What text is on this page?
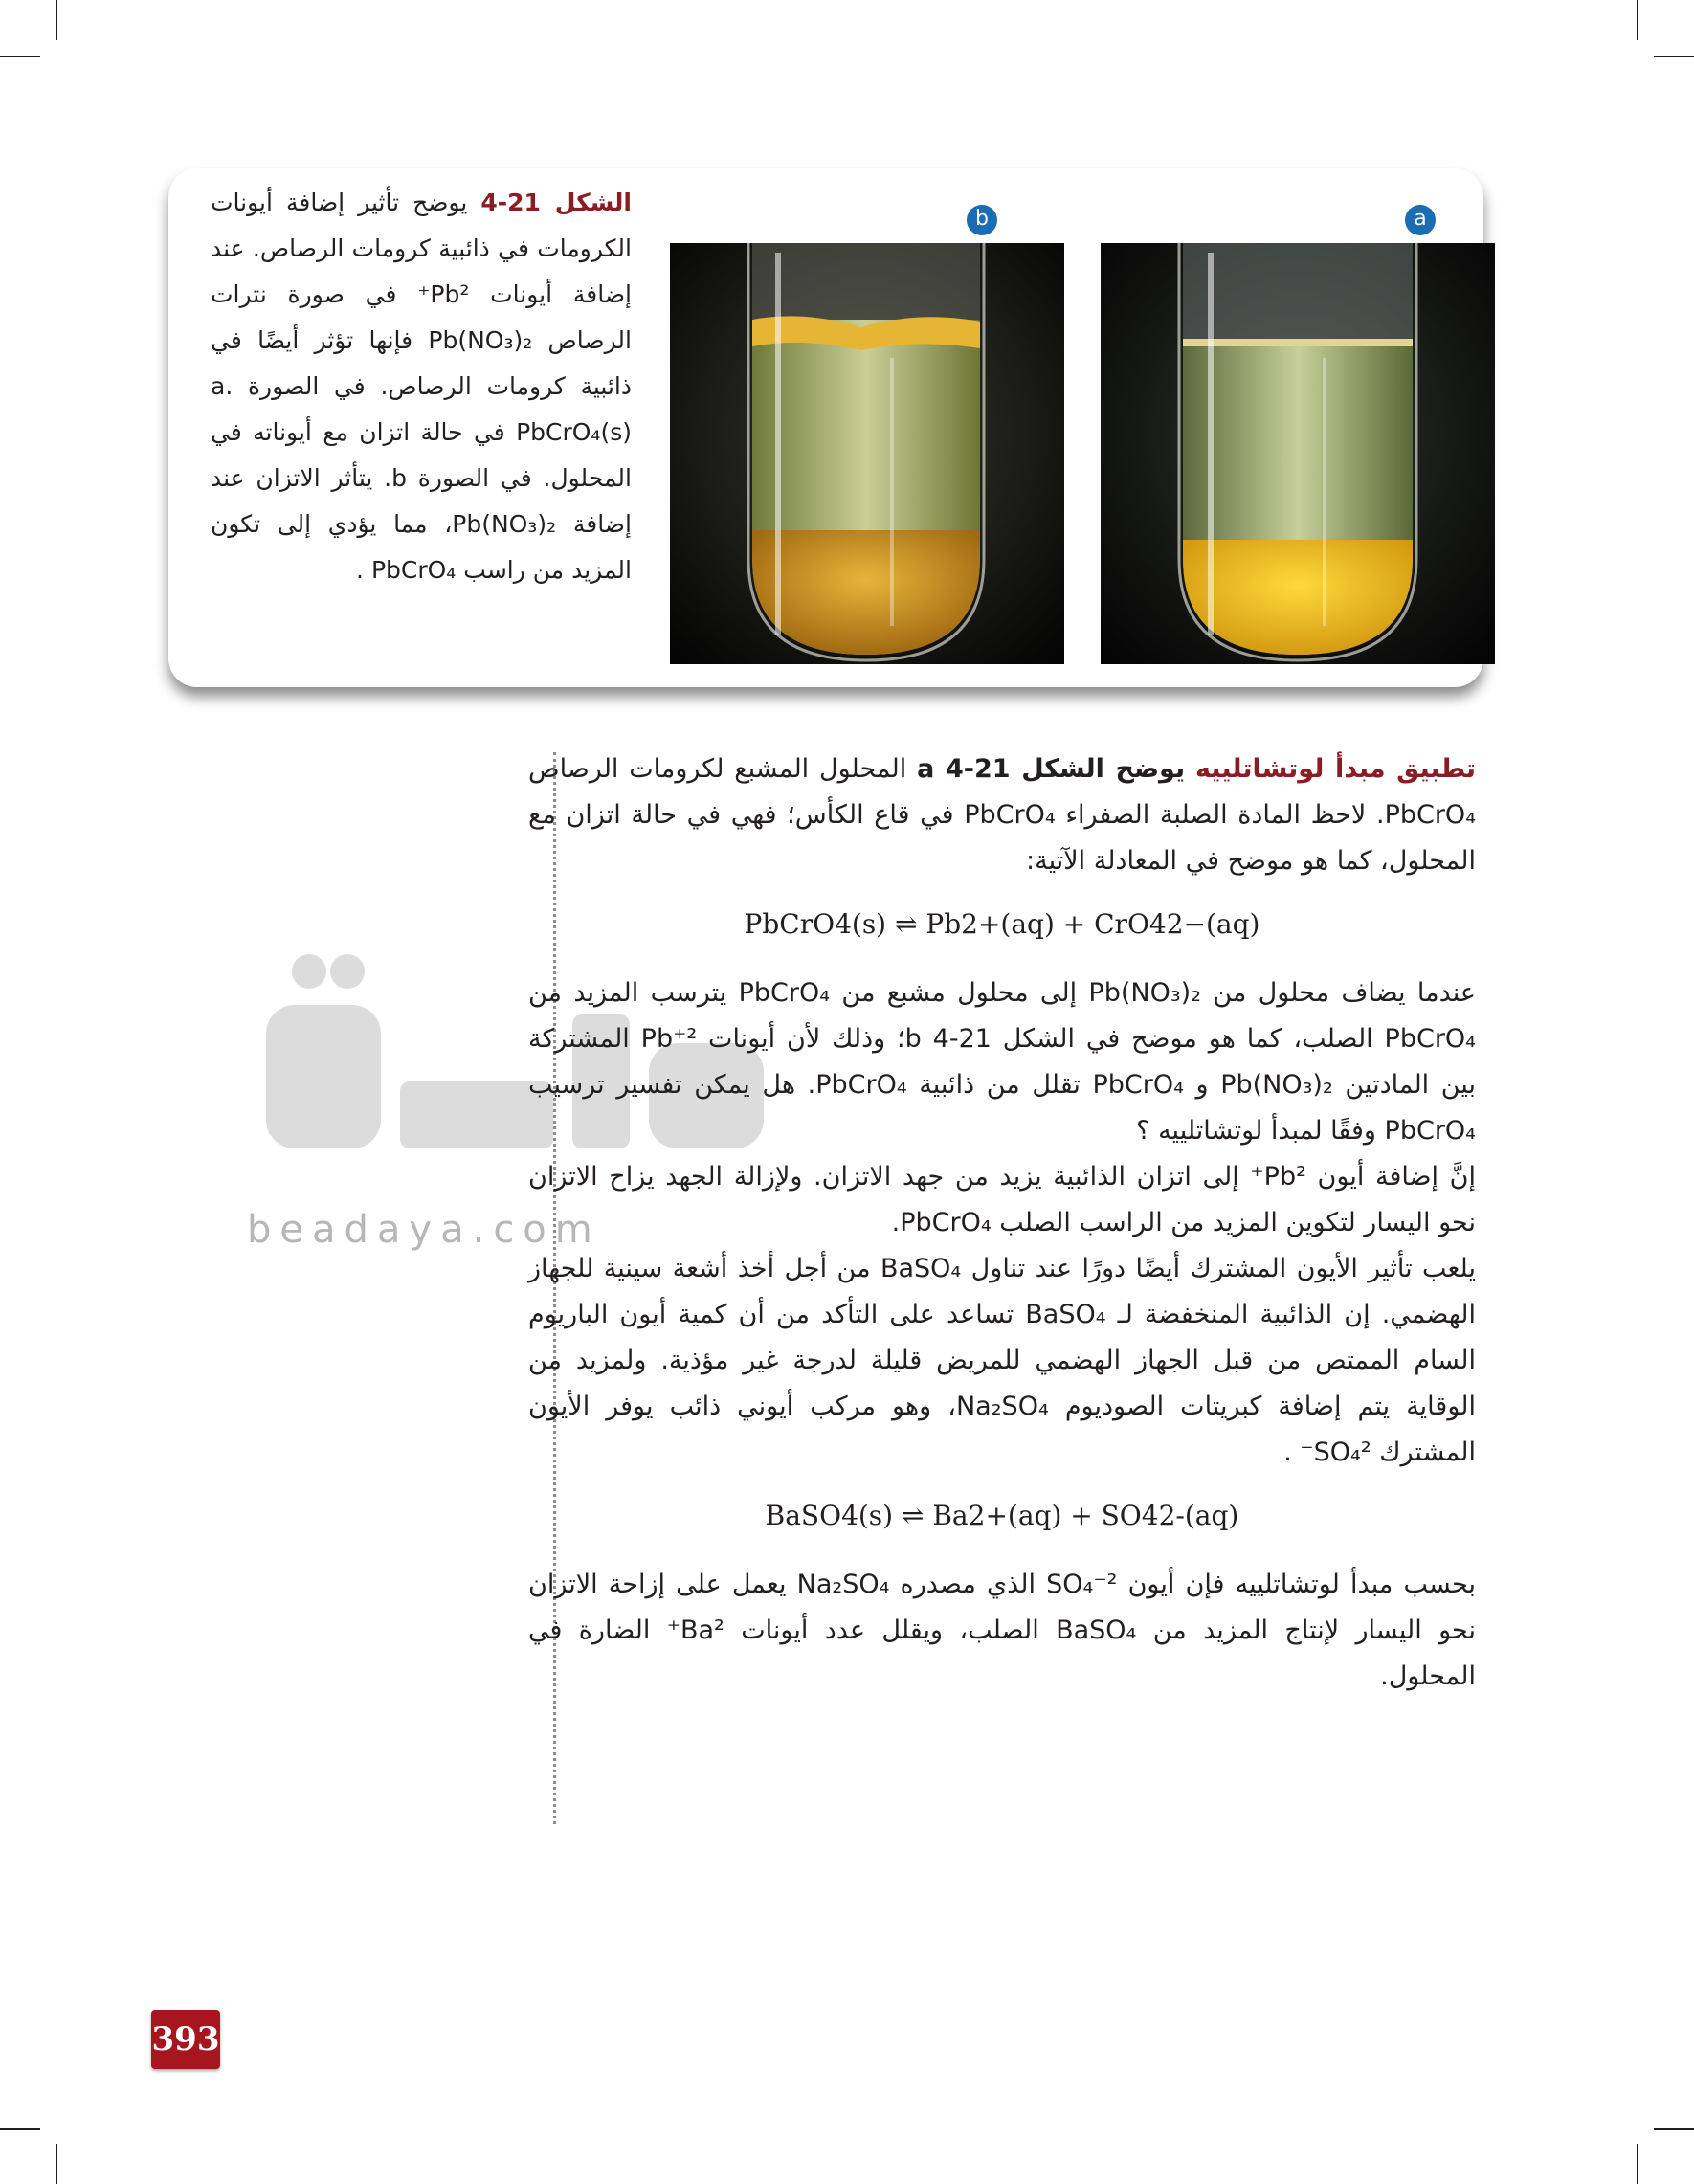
b	a
الشكل 21-4 يوضح تأثير إضافة أيونات الكرومات في ذائبية كرومات الرصاص. عند إضافة أيونات Pb²⁺ في صورة نترات الرصاص Pb(NO₃)₂ فإنها تؤثر أيضًا في ذائبية كرومات الرصاص. في الصورة a. PbCrO₄(s) في حالة اتزان مع أيوناته في المحلول. في الصورة b. يتأثر الاتزان عند إضافة Pb(NO₃)₂، مما يؤدي إلى تكون المزيد من راسب PbCrO₄ .
beadaya.com

تطبيق مبدأ لوتشاتلييه يوضح الشكل 21-4 a المحلول المشبع لكرومات الرصاص PbCrO₄. لاحظ المادة الصلبة الصفراء PbCrO₄ في قاع الكأس؛ فهي في حالة اتزان مع المحلول، كما هو موضح في المعادلة الآتية:

PbCrO4(s) ⇌ Pb2+(aq) + CrO42−(aq)

عندما يضاف محلول من Pb(NO₃)₂ إلى محلول مشبع من PbCrO₄ يترسب المزيد من PbCrO₄ الصلب، كما هو موضح في الشكل 21-4 b؛ وذلك لأن أيونات Pb⁺² المشتركة بين المادتين Pb(NO₃)₂ و PbCrO₄ تقلل من ذائبية PbCrO₄. هل يمكن تفسير ترسيب PbCrO₄ وفقًا لمبدأ لوتشاتلييه ؟

إنَّ إضافة أيون Pb²⁺ إلى اتزان الذائبية يزيد من جهد الاتزان. ولإزالة الجهد يزاح الاتزان نحو اليسار لتكوين المزيد من الراسب الصلب PbCrO₄.

يلعب تأثير الأيون المشترك أيضًا دورًا عند تناول BaSO₄ من أجل أخذ أشعة سينية للجهاز الهضمي. إن الذائبية المنخفضة لـ BaSO₄ تساعد على التأكد من أن كمية أيون الباريوم السام الممتص من قبل الجهاز الهضمي للمريض قليلة لدرجة غير مؤذية. ولمزيد من الوقاية يتم إضافة كبريتات الصوديوم Na₂SO₄، وهو مركب أيوني ذائب يوفر الأيون المشترك SO₄²⁻ .

BaSO4(s) ⇌ Ba2+(aq) + SO42-(aq)

بحسب مبدأ لوتشاتلييه فإن أيون SO₄⁻² الذي مصدره Na₂SO₄ يعمل على إزاحة الاتزان نحو اليسار لإنتاج المزيد من BaSO₄ الصلب، ويقلل عدد أيونات Ba²⁺ الضارة في المحلول.

393
